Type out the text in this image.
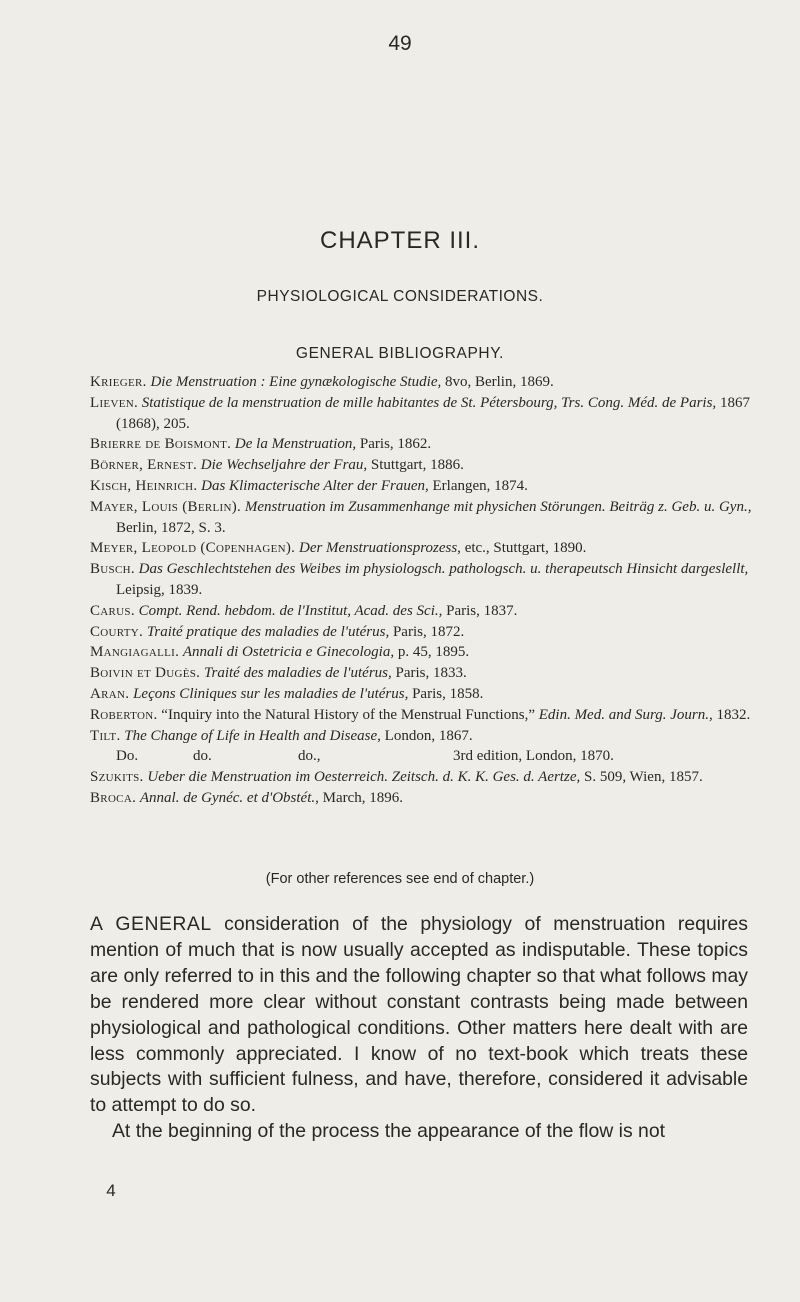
49
CHAPTER III.
PHYSIOLOGICAL CONSIDERATIONS.
GENERAL BIBLIOGRAPHY.
Krieger. Die Menstruation : Eine gynækologische Studie, 8vo, Berlin, 1869.
Lieven. Statistique de la menstruation de mille habitantes de St. Pétersbourg, Trs. Cong. Méd. de Paris, 1867 (1868), 205.
Brierre de Boismont. De la Menstruation, Paris, 1862.
Börner, Ernest. Die Wechseljahre der Frau, Stuttgart, 1886.
Kisch, Heinrich. Das Klimacterische Alter der Frauen, Erlangen, 1874.
Mayer, Louis (Berlin). Menstruation im Zusammenhange mit physichen Störungen. Beiträg z. Geb. u. Gyn., Berlin, 1872, S. 3.
Meyer, Leopold (Copenhagen). Der Menstruationsprozess, etc., Stuttgart, 1890.
Busch. Das Geschlechtstehen des Weibes im physiologsch. pathologsch. u. therapeutsch Hinsicht dargeslellt, Leipsig, 1839.
Carus. Compt. Rend. hebdom. de l'Institut, Acad. des Sci., Paris, 1837.
Courty. Traité pratique des maladies de l'utérus, Paris, 1872.
Mangiagalli. Annali di Ostetricia e Ginecologia, p. 45, 1895.
Boivin et Dugès. Traité des maladies de l'utérus, Paris, 1833.
Aran. Leçons Cliniques sur les maladies de l'utérus, Paris, 1858.
Roberton. “Inquiry into the Natural History of the Menstrual Functions,” Edin. Med. and Surg. Journ., 1832.
Tilt. The Change of Life in Health and Disease, London, 1867.
Do.	do.	do.,	3rd edition, London, 1870.
Szukits. Ueber die Menstruation im Oesterreich. Zeitsch. d. K. K. Ges. d. Aertze, S. 509, Wien, 1857.
Broca. Annal. de Gynéc. et d'Obstét., March, 1896.
(For other references see end of chapter.)

A GENERAL consideration of the physiology of menstruation requires mention of much that is now usually accepted as indisputable. These topics are only referred to in this and the following chapter so that what follows may be rendered more clear without constant contrasts being made between physiological and pathological conditions. Other matters here dealt with are less commonly appreciated. I know of no text-book which treats these subjects with sufficient fulness, and have, therefore, considered it advisable to attempt to do so.

At the beginning of the process the appearance of the flow is not

4
